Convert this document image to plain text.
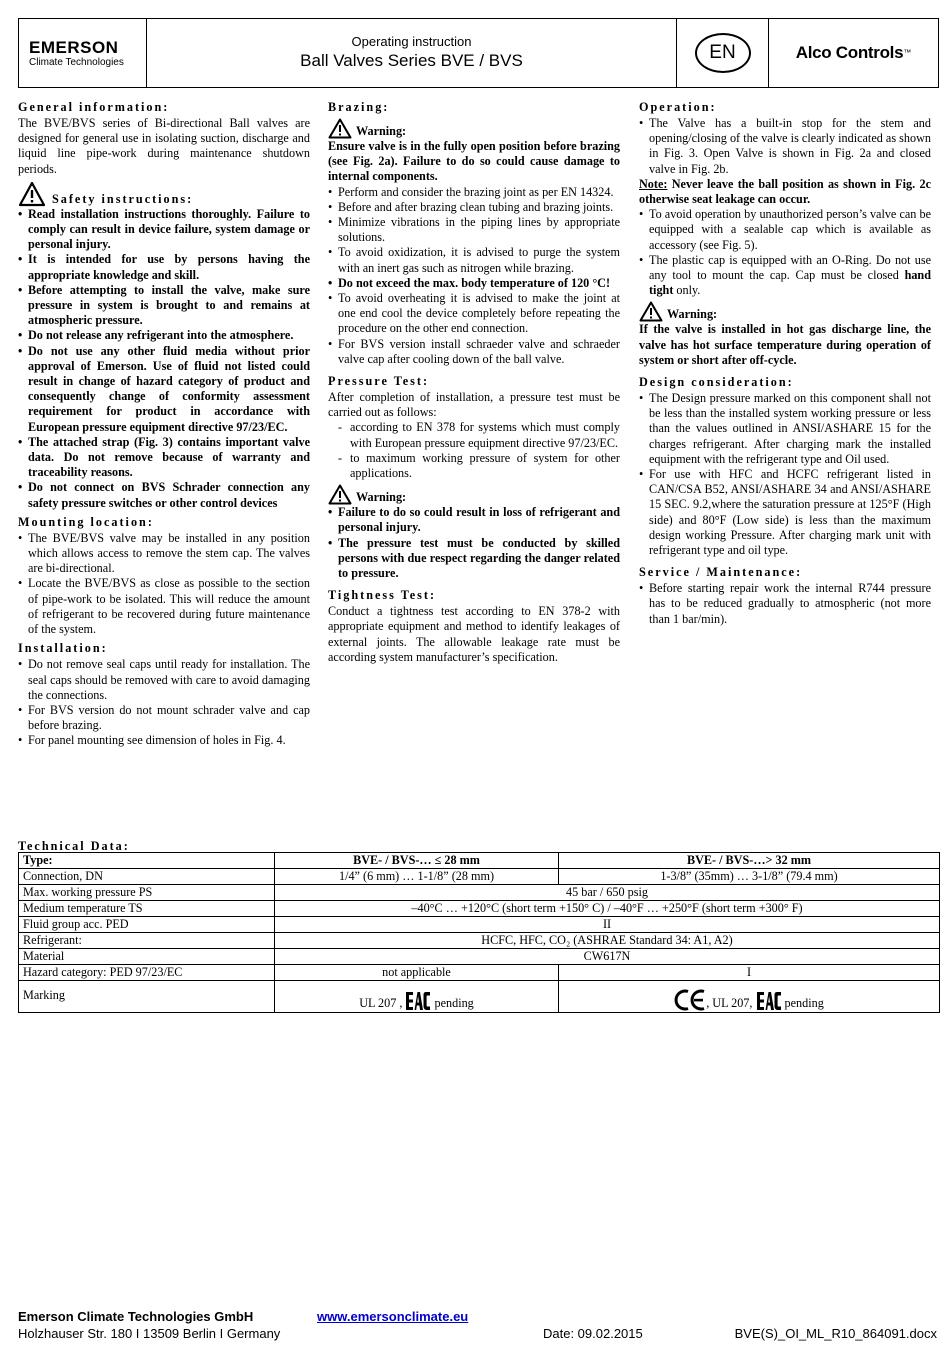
EMERSON
Climate Technologies
Operating instruction
Ball Valves Series BVE / BVS	EN	Alco Controls ™
General information:

The BVE/BVS series of Bi-directional Ball valves are designed for general use in isolating suction, discharge and liquid line pipe-work during maintenance shutdown periods.

Safety instructions:
• Read installation instructions thoroughly. Failure to comply can result in device failure, system damage or personal injury.
• It is intended for use by persons having the appropriate knowledge and skill.
• Before attempting to install the valve, make sure pressure in system is brought to and remains at atmospheric pressure.
• Do not release any refrigerant into the atmosphere.
• Do not use any other fluid media without prior approval of Emerson. Use of fluid not listed could result in change of hazard category of product and consequently change of conformity assessment requirement for product in accordance with European pressure equipment directive 97/23/EC.
• The attached strap (Fig. 3) contains important valve data. Do not remove because of warranty and traceability reasons.
• Do not connect on BVS Schrader connection any safety pressure switches or other control devices
Mounting location:
• The BVE/BVS valve may be installed in any position which allows access to remove the stem cap. The valves are bi-directional.
• Locate the BVE/BVS as close as possible to the section of pipe-work to be isolated. This will reduce the amount of refrigerant to be recovered during future maintenance of the system.
Installation:
• Do not remove seal caps until ready for installation. The seal caps should be removed with care to avoid damaging the connections.
• For BVS version do not mount schrader valve and cap before brazing.
• For panel mounting see dimension of holes in Fig. 4.
Brazing:
Warning:

Ensure valve is in the fully open position before brazing (see Fig. 2a). Failure to do so could cause damage to internal components.

• Perform and consider the brazing joint as per EN 14324.
• Before and after brazing clean tubing and brazing joints.
• Minimize vibrations in the piping lines by appropriate solutions.
• To avoid oxidization, it is advised to purge the system with an inert gas such as nitrogen while brazing.
• Do not exceed the max. body temperature of 120 °C!
• To avoid overheating it is advised to make the joint at one end cool the device completely before repeating the procedure on the other end connection.
• For BVS version install schraeder valve and schraeder valve cap after cooling down of the ball valve.
Pressure Test:

After completion of installation, a pressure test must be carried out as follows:

- according to EN 378 for systems which must comply with European pressure equipment directive 97/23/EC.
- to maximum working pressure of system for other applications.
Warning:
• Failure to do so could result in loss of refrigerant and personal injury.
• The pressure test must be conducted by skilled persons with due respect regarding the danger related to pressure.
Tightness Test:

Conduct a tightness test according to EN 378-2 with appropriate equipment and method to identify leakages of external joints. The allowable leakage rate must be according system manufacturer’s specification.

Operation:
• The Valve has a built-in stop for the stem and opening/closing of the valve is clearly indicated as shown in Fig. 3. Open Valve is shown in Fig. 2a and closed valve in Fig. 2b.

Note: Never leave the ball position as shown in Fig. 2c otherwise seat leakage can occur.

• To avoid operation by unauthorized person’s valve can be equipped with a sealable cap which is available as accessory (see Fig. 5).
• The plastic cap is equipped with an O-Ring. Do not use any tool to mount the cap. Cap must be closed hand tight only.
Warning:

If the valve is installed in hot gas discharge line, the valve has hot surface temperature during operation of system or short after off-cycle.

Design consideration:
• The Design pressure marked on this component shall not be less than the installed system working pressure or less than the values outlined in ANSI/ASHARE 15 for the charges refrigerant. After charging mark the installed equipment with the refrigerant type and Oil used.
• For use with HFC and HCFC refrigerant listed in CAN/CSA B52, ANSI/ASHARE 34 and ANSI/ASHARE 15 SEC. 9.2,where the saturation pressure at 125°F (High side) and 80°F (Low side) is less than the maximum design working Pressure. After charging mark unit with refrigerant type and oil type.
Service / Maintenance:
• Before starting repair work the internal R744 pressure has to be reduced gradually to atmospheric (not more than 1 bar/min).
Technical Data:
Type:	BVE- / BVS-… ≤ 28 mm	BVE- / BVS-…> 32 mm
Connection, DN	1/4” (6 mm) … 1-1/8” (28 mm)	1-3/8” (35mm) … 3-1/8” (79.4 mm)
Max. working pressure PS	45 bar / 650 psig	
Medium temperature TS	–40°C … +120°C (short term +150° C) / –40°F … +250°F (short term +300° F)	
Fluid group acc. PED	II	
Refrigerant:	HCFC, HFC, CO₂ (ASHRAE Standard 34: A1, A2)	
Material	CW617N	
Hazard category: PED 97/23/EC	not applicable	I
Marking	UL 207 , pending	, UL 207, pending
Emerson Climate Technologies GmbH	www.emersonclimate.eu
Holzhauser Str. 180 I 13509 Berlin I Germany	Date: 09.02.2015	BVE(S)_OI_ML_R10_864091.docx
